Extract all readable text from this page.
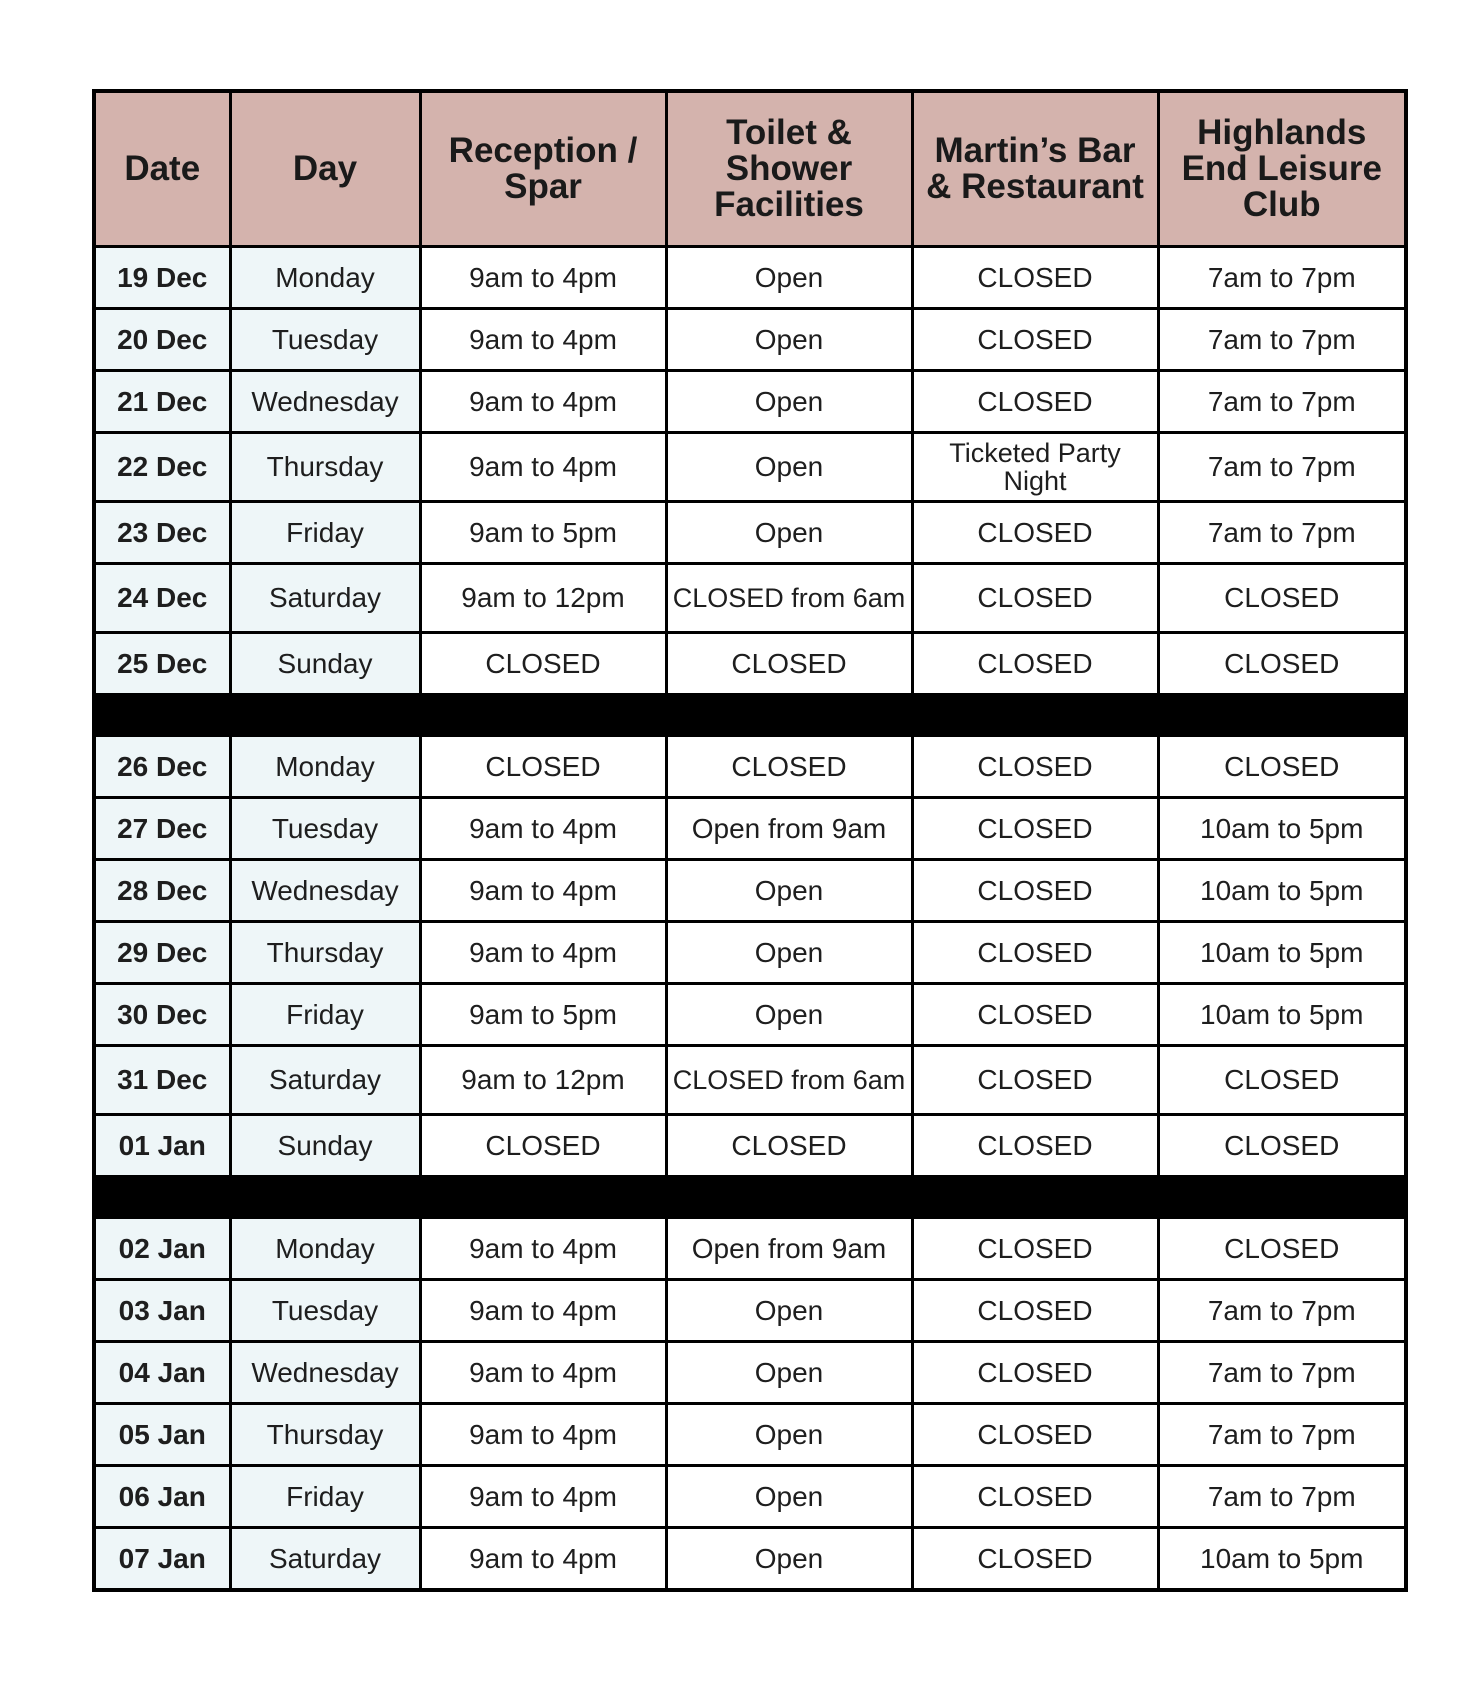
Date	Day	Reception / Spar	Toilet & Shower Facilities	Martin’s Bar & Restaurant	Highlands End Leisure Club
19 Dec	Monday	9am to 4pm	Open	CLOSED	7am to 7pm
20 Dec	Tuesday	9am to 4pm	Open	CLOSED	7am to 7pm
21 Dec	Wednesday	9am to 4pm	Open	CLOSED	7am to 7pm
22 Dec	Thursday	9am to 4pm	Open	Ticketed Party Night	7am to 7pm
23 Dec	Friday	9am to 5pm	Open	CLOSED	7am to 7pm
24 Dec	Saturday	9am to 12pm	CLOSED from 6am	CLOSED	CLOSED
25 Dec	Sunday	CLOSED	CLOSED	CLOSED	CLOSED

26 Dec	Monday	CLOSED	CLOSED	CLOSED	CLOSED
27 Dec	Tuesday	9am to 4pm	Open from 9am	CLOSED	10am to 5pm
28 Dec	Wednesday	9am to 4pm	Open	CLOSED	10am to 5pm
29 Dec	Thursday	9am to 4pm	Open	CLOSED	10am to 5pm
30 Dec	Friday	9am to 5pm	Open	CLOSED	10am to 5pm
31 Dec	Saturday	9am to 12pm	CLOSED from 6am	CLOSED	CLOSED
01 Jan	Sunday	CLOSED	CLOSED	CLOSED	CLOSED

02 Jan	Monday	9am to 4pm	Open from 9am	CLOSED	CLOSED
03 Jan	Tuesday	9am to 4pm	Open	CLOSED	7am to 7pm
04 Jan	Wednesday	9am to 4pm	Open	CLOSED	7am to 7pm
05 Jan	Thursday	9am to 4pm	Open	CLOSED	7am to 7pm
06 Jan	Friday	9am to 4pm	Open	CLOSED	7am to 7pm
07 Jan	Saturday	9am to 4pm	Open	CLOSED	10am to 5pm
